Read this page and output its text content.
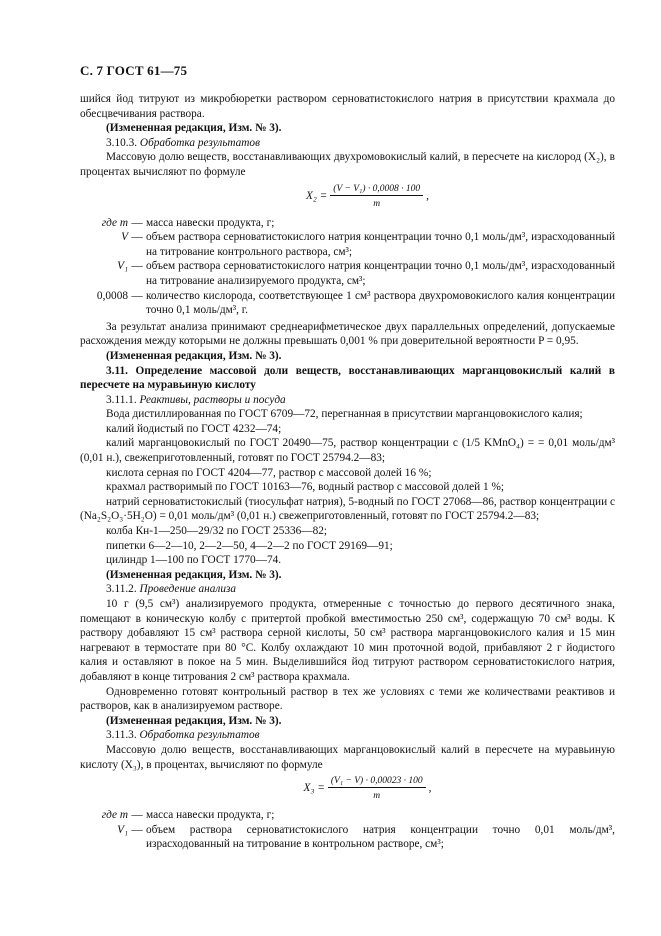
С. 7 ГОСТ 61—75

шийся йод титруют из микробюретки раствором серноватистокислого натрия в присутствии крахмала до обесцвечивания раствора.

(Измененная редакция, Изм. № 3).

3.10.3. Обработка результатов

Массовую долю веществ, восстанавливающих двухромовокислый калий, в пересчете на кислород (X₂), в процентах вычисляют по формуле

$X_2 = \frac{\text{(V − V₁) · 0,0008 · 100}}{m}$ ,
где m — масса навески продукта, г;
V — объем раствора серноватистокислого натрия концентрации точно 0,1 моль/дм³, израсходованный на титрование контрольного раствора, см³;
V₁ — объем раствора серноватистокислого натрия концентрации точно 0,1 моль/дм³, израсходованный на титрование анализируемого продукта, см³;
0,0008 — количество кислорода, соответствующее 1 см³ раствора двухромовокислого калия концентрации точно 0,1 моль/дм³, г.

За результат анализа принимают среднеарифметическое двух параллельных определений, допускаемые расхождения между которыми не должны превышать 0,001 % при доверительной вероятности P = 0,95.

(Измененная редакция, Изм. № 3).

3.11. Определение массовой доли веществ, восстанавливающих марганцовокислый калий в пересчете на муравьиную кислоту

3.11.1. Реактивы, растворы и посуда

Вода дистиллированная по ГОСТ 6709—72, перегнанная в присутствии марганцовокислого калия;

калий йодистый по ГОСТ 4232—74;

калий марганцовокислый по ГОСТ 20490—75, раствор концентрации c (1/5 KMnO₄) = = 0,01 моль/дм³ (0,01 н.), свежеприготовленный, готовят по ГОСТ 25794.2—83;

кислота серная по ГОСТ 4204—77, раствор с массовой долей 16 %;

крахмал растворимый по ГОСТ 10163—76, водный раствор с массовой долей 1 %;

натрий серноватистокислый (тиосульфат натрия), 5-водный по ГОСТ 27068—86, раствор концентрации c (Na₂S₂O₃·5H₂O) = 0,01 моль/дм³ (0,01 н.) свежеприготовленный, готовят по ГОСТ 25794.2—83;

колба Кн-1—250—29/32 по ГОСТ 25336—82;

пипетки 6—2—10, 2—2—50, 4—2—2 по ГОСТ 29169—91;

цилиндр 1—100 по ГОСТ 1770—74.

(Измененная редакция, Изм. № 3).

3.11.2. Проведение анализа

10 г (9,5 см³) анализируемого продукта, отмеренные с точностью до первого десятичного знака, помещают в коническую колбу с притертой пробкой вместимостью 250 см³, содержащую 70 см³ воды. К раствору добавляют 15 см³ раствора серной кислоты, 50 см³ раствора марганцовокислого калия и 15 мин нагревают в термостате при 80 °С. Колбу охлаждают 10 мин проточной водой, прибавляют 2 г йодистого калия и оставляют в покое на 5 мин. Выделившийся йод титруют раствором серноватистокислого натрия, добавляют в конце титрования 2 см³ раствора крахмала.

Одновременно готовят контрольный раствор в тех же условиях с теми же количествами реактивов и растворов, как в анализируемом растворе.

(Измененная редакция, Изм. № 3).

3.11.3. Обработка результатов

Массовую долю веществ, восстанавливающих марганцовокислый калий в пересчете на муравьиную кислоту (X₃), в процентах, вычисляют по формуле

$X_3 = \frac{\text{(V₁ − V) · 0,00023 · 100}}{m}$ ,
где m — масса навески продукта, г;
V₁ — объем раствора серноватистокислого натрия концентрации точно 0,01 моль/дм³, израсходованный на титрование в контрольном растворе, см³;
